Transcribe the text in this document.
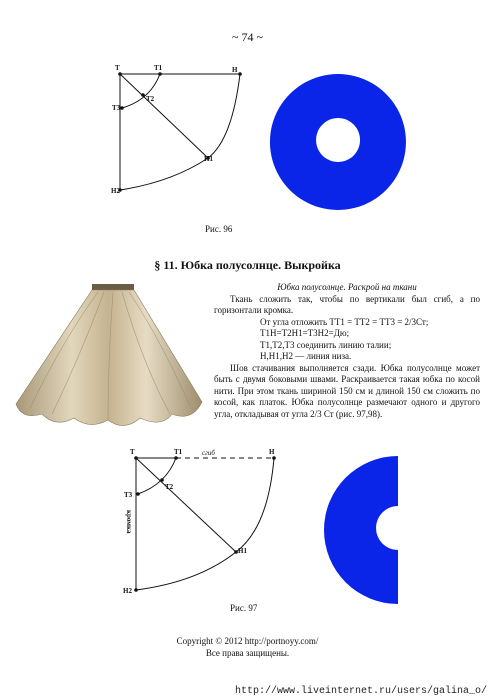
~ 74 ~
Т	Т1	Н
Т3
Т2
Н1
Н2
Рис. 96
§ 11. Юбка полусолнце. Выкройка

Юбка полусолнце. Раскрой на ткани

Ткань сложить так, чтобы по вертикали был сгиб, а по горизонтали кромка.

От угла отложить ТТ1 = ТТ2 = ТТ3 = 2/3Ст;

Т1Н=Т2Н1=Т3Н2=Дю;

Т1,Т2,Т3 соединить линию талии;

Н,Н1,Н2 — линия низа.

Шов стачивания выполняется сзади. Юбка полусолнце может быть с двумя боковыми швами. Раскраивается такая юбка по косой нити. При этом ткань шириной 150 см и длиной 150 см сложить по косой, как платок. Юбка полусолнце размечают одного и другого угла, откладывая от угла 2/3 Ст (рис. 97,98).

Т	Т1	сгиб	Н
Т3
Т2
Н1
Н2
кромка
Рис. 97
Copyright © 2012 http://portnoyy.com/
Все права защищены.
http://www.liveinternet.ru/users/galina_o/
